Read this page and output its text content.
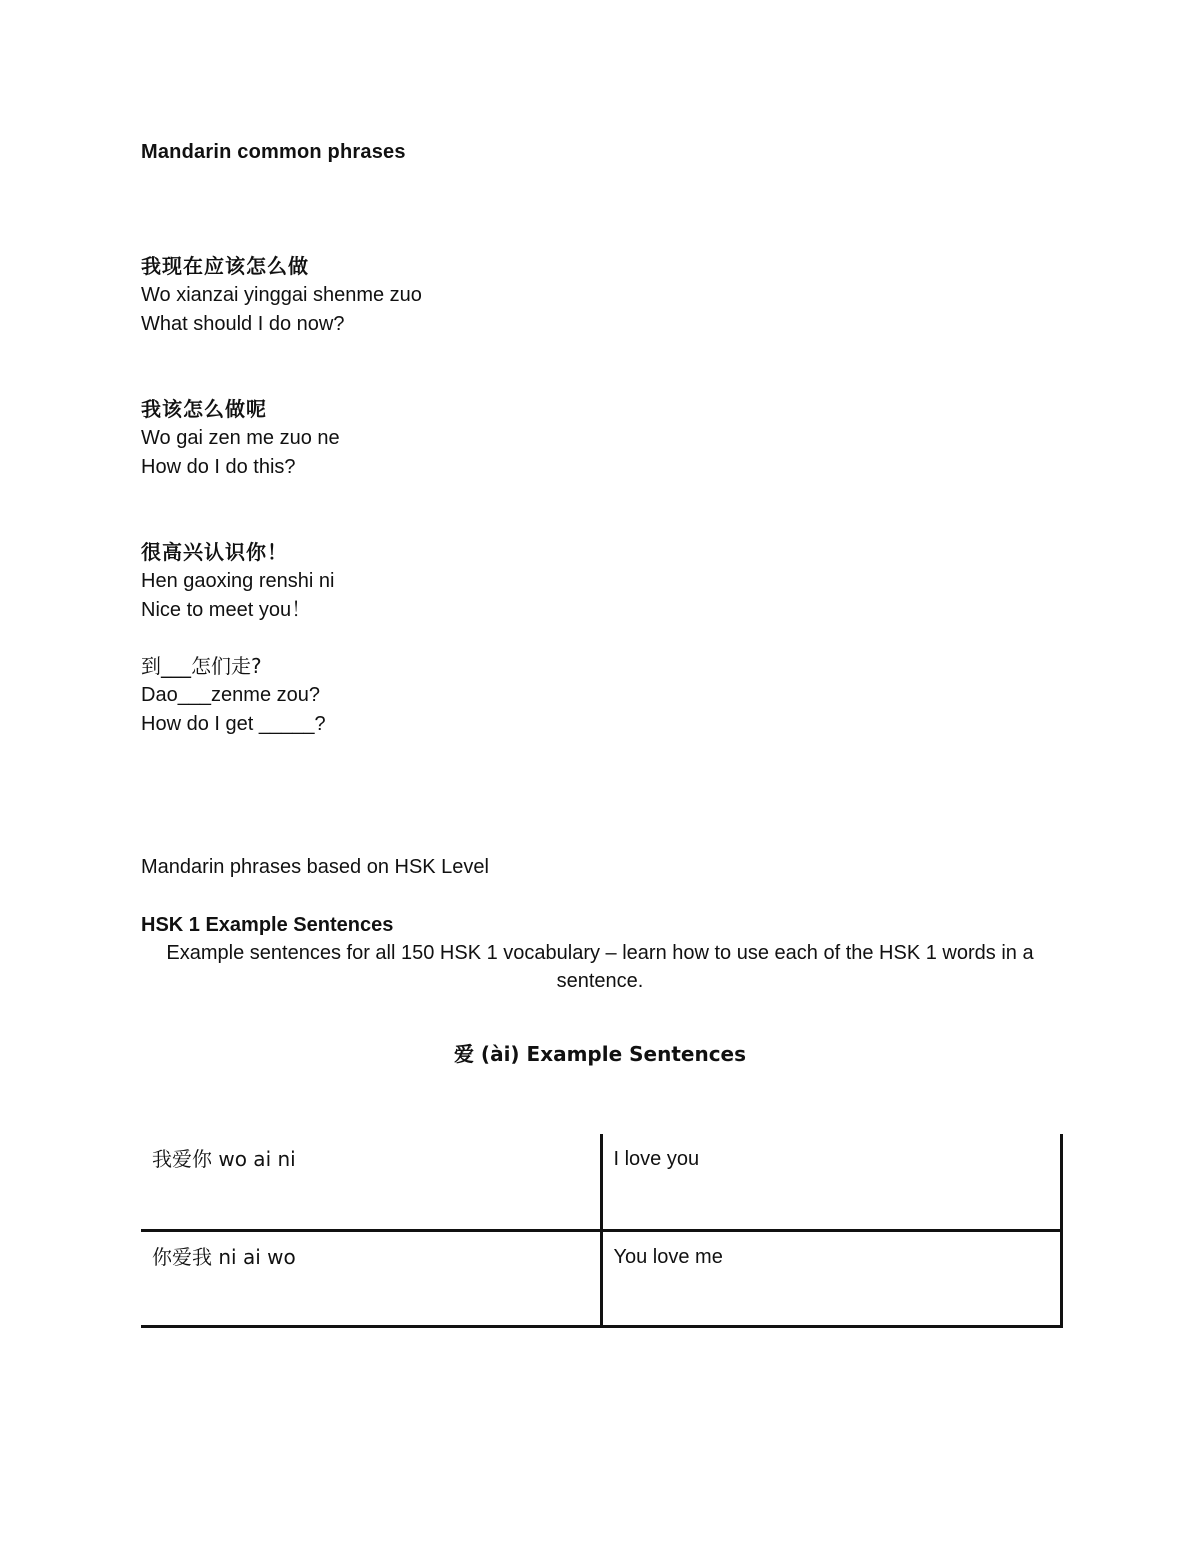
Mandarin common phrases
我现在应该怎么做
Wo xianzai yinggai shenme zuo
What should I do now?
我该怎么做呢
Wo gai zen me zuo ne
How do I do this?
很高兴认识你！
Hen gaoxing renshi ni
Nice to meet you！
到___怎们走?
Dao___zenme zou?
How do I get _____?
Mandarin phrases based on HSK Level
HSK 1 Example Sentences
Example sentences for all 150 HSK 1 vocabulary – learn how to use each of the HSK 1 words in a sentence.
爱 (ài) Example Sentences
我爱你 wo ai ni	I love you
你爱我 ni ai wo	You love me
